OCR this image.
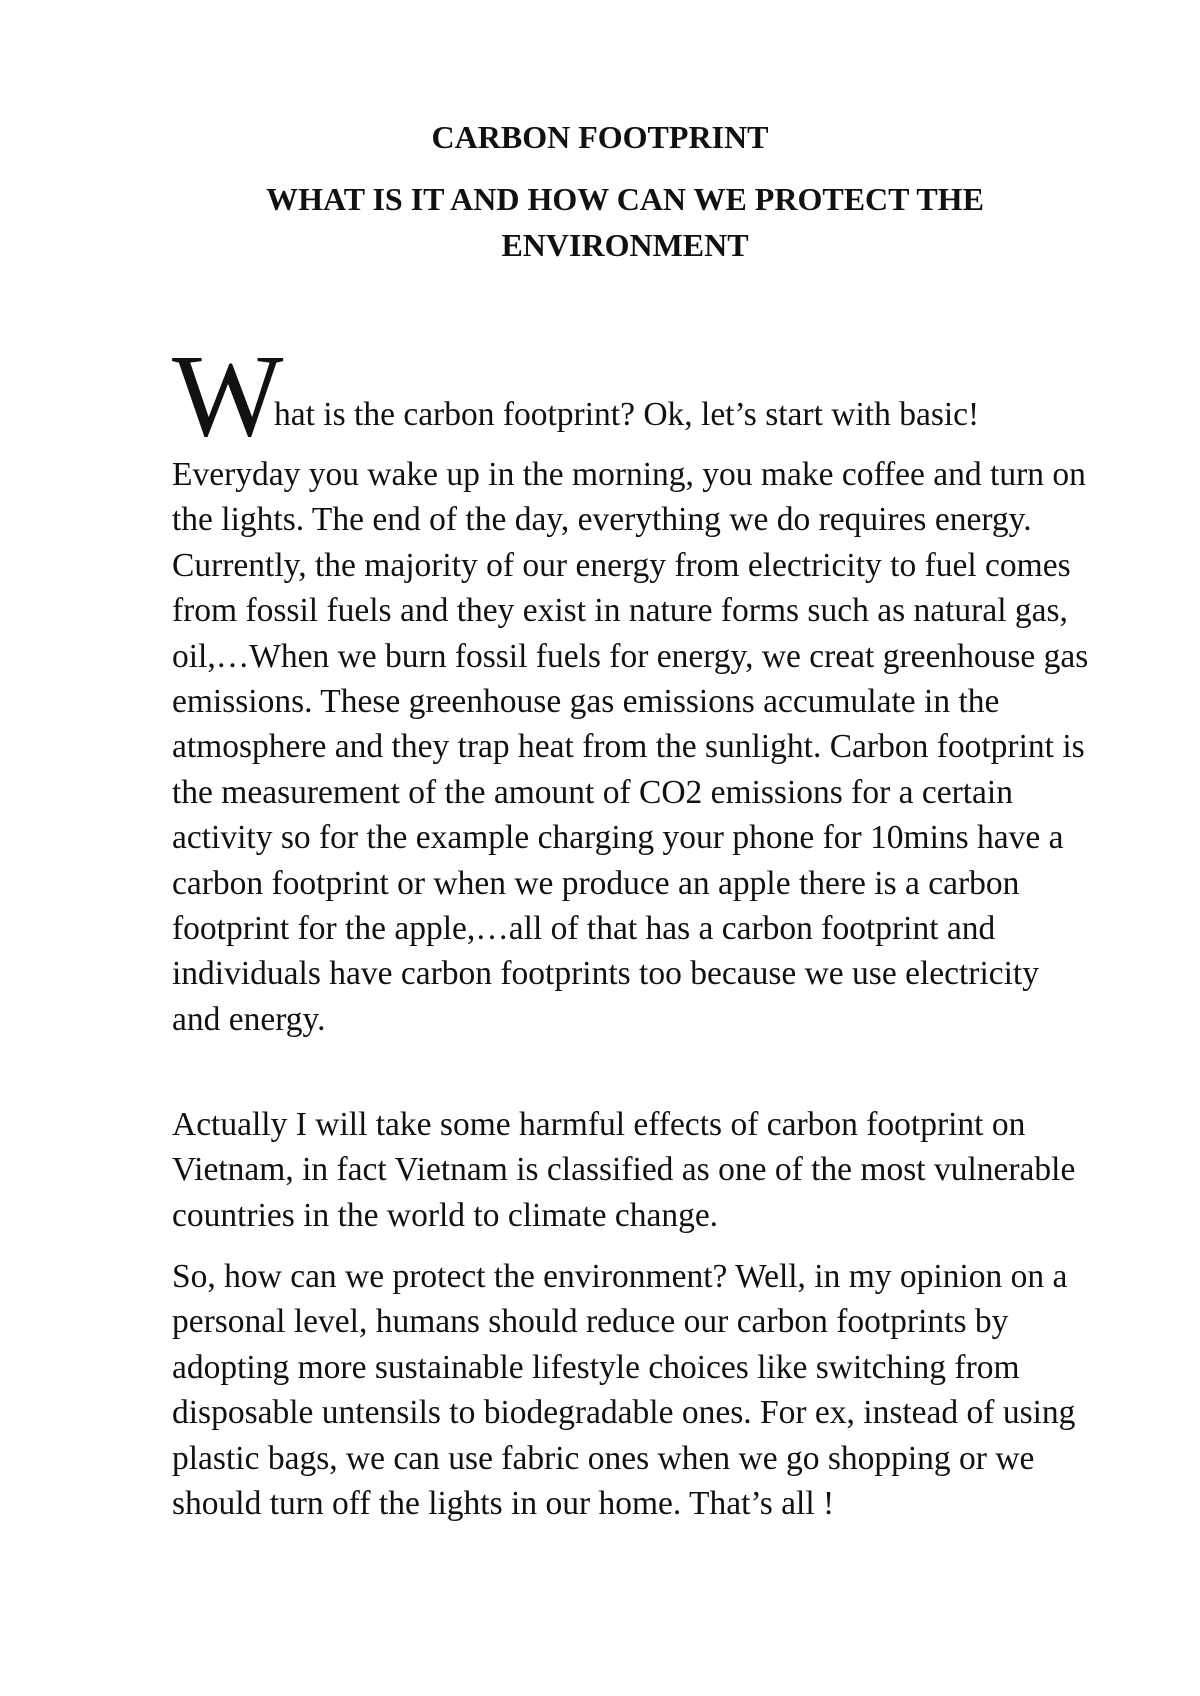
CARBON FOOTPRINT
WHAT IS IT AND HOW CAN WE PROTECT THE ENVIRONMENT
W
hat is the carbon footprint? Ok, let’s start with basic!

Everyday you wake up in the morning, you make coffee and turn on the lights. The end of the day, everything we do requires energy. Currently, the majority of our energy from electricity to fuel comes from fossil fuels and they exist in nature forms such as natural gas, oil,…When we burn fossil fuels for energy, we creat greenhouse gas emissions. These greenhouse gas emissions accumulate in the atmosphere and they trap heat from the sunlight. Carbon footprint is the measurement of the amount of CO2 emissions for a certain activity so for the example charging your phone for 10mins have a carbon footprint or when we produce an apple there is a carbon footprint for the apple,…all of that has a carbon footprint and individuals have carbon footprints too because we use electricity and energy.

Actually I will take some harmful effects of carbon footprint on Vietnam, in fact Vietnam is classified as one of the most vulnerable countries in the world to climate change.

So, how can we protect the environment? Well, in my opinion on a personal level, humans should reduce our carbon footprints by adopting more sustainable lifestyle choices like switching from disposable untensils to biodegradable ones. For ex, instead of using plastic bags, we can use fabric ones when we go shopping or we should turn off the lights in our home. That’s all !
